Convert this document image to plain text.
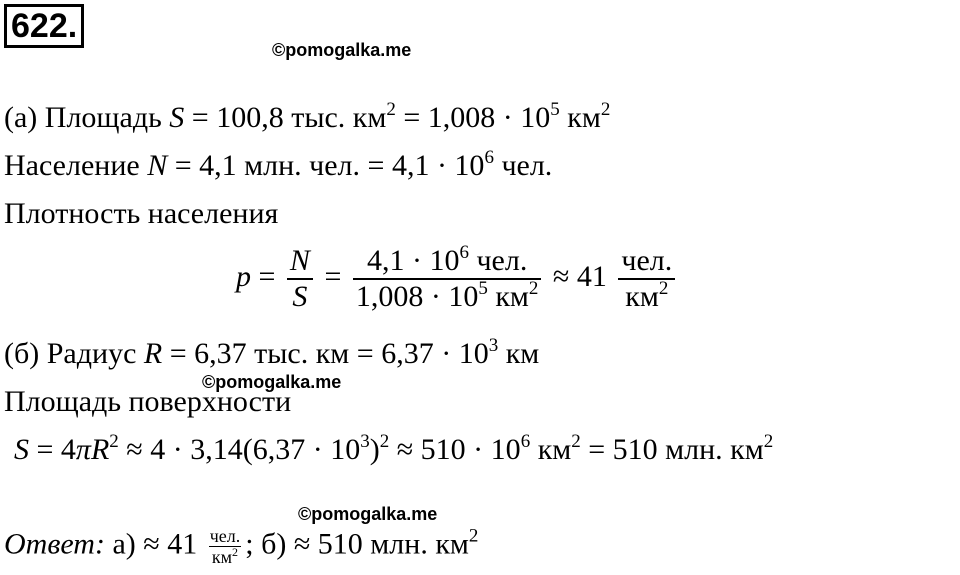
622.
©pomogalka.me
(а) Площадь S = 100,8 тыс. $км^2 = 1,008 \cdot 10^5$ $км^2$
Население N = 4,1 млн. чел. = $4,1 \cdot 10^6$ чел.
Плотность населения
$p = \frac{N}{S} = \frac{4,1 \cdot 10^6 чел.}{1,008 \cdot 10^5 км^2} \approx 41 \frac{\text{чел.}}{км^2}$
(б) Радиус R = 6,37 тыс. км = $6,37 \cdot 10^3$ км
©pomogalka.me
Площадь поверхности
$S = 4\pi R^2 \approx 4 \cdot 3,14(6,37 \cdot 10^3)^2 \approx 510 \cdot 10^6$ $км^2 = 510$ млн. $км^2$
©pomogalka.me
Ответ: $а) \approx 41 \frac{\text{чел.}}{км^2}$ ; б) ≈ 510 млн. $км^2$
